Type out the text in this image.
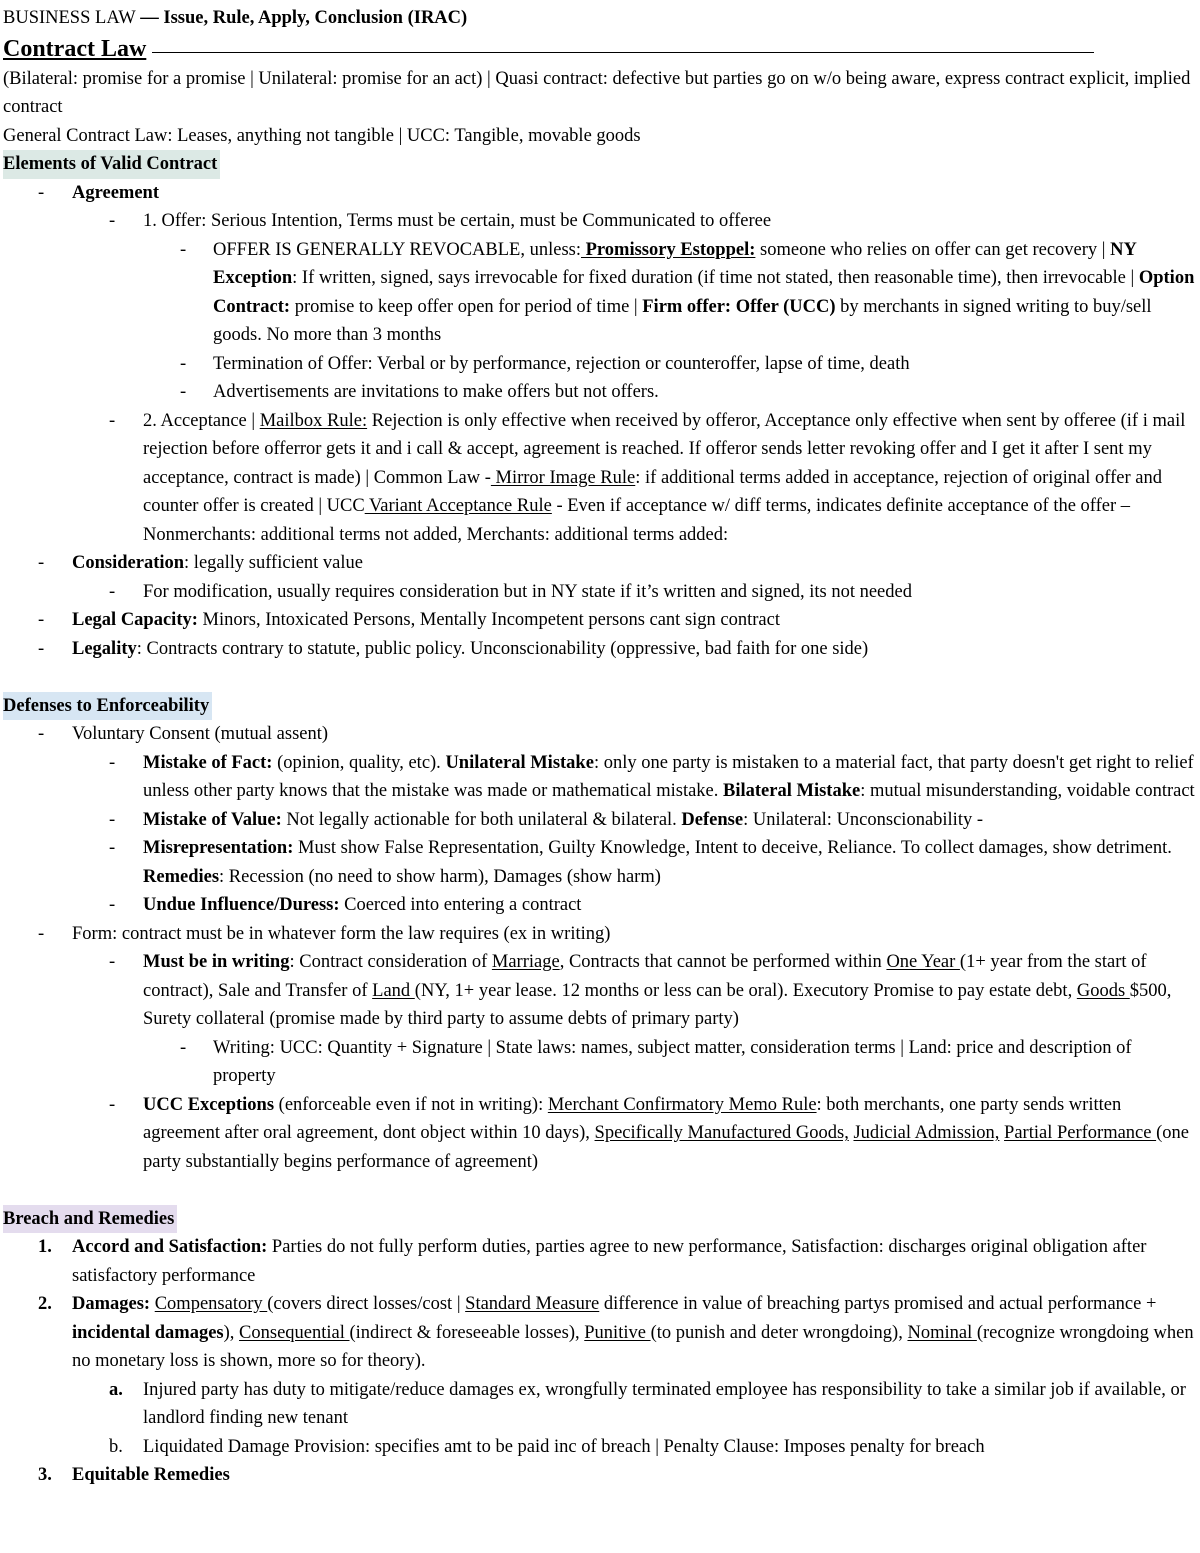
BUSINESS LAW — Issue, Rule, Apply, Conclusion (IRAC)
Contract Law
(Bilateral: promise for a promise | Unilateral: promise for an act) | Quasi contract: defective but parties go on w/o being aware, express contract explicit, implied contract
General Contract Law: Leases, anything not tangible | UCC: Tangible, movable goods
Elements of Valid Contract
- Agreement
- 1. Offer: Serious Intention, Terms must be certain, must be Communicated to offeree
- OFFER IS GENERALLY REVOCABLE, unless: Promissory Estoppel: someone who relies on offer can get recovery | NY Exception: If written, signed, says irrevocable for fixed duration (if time not stated, then reasonable time), then irrevocable | Option Contract: promise to keep offer open for period of time | Firm offer: Offer (UCC) by merchants in signed writing to buy/sell goods. No more than 3 months
- Termination of Offer: Verbal or by performance, rejection or counteroffer, lapse of time, death
- Advertisements are invitations to make offers but not offers.
- 2. Acceptance | Mailbox Rule: Rejection is only effective when received by offeror, Acceptance only effective when sent by offeree (if i mail rejection before offerror gets it and i call & accept, agreement is reached. If offeror sends letter revoking offer and I get it after I sent my acceptance, contract is made) | Common Law - Mirror Image Rule: if additional terms added in acceptance, rejection of original offer and counter offer is created | UCC Variant Acceptance Rule - Even if acceptance w/ diff terms, indicates definite acceptance of the offer – Nonmerchants: additional terms not added, Merchants: additional terms added:
- Consideration: legally sufficient value
- For modification, usually requires consideration but in NY state if it’s written and signed, its not needed
- Legal Capacity: Minors, Intoxicated Persons, Mentally Incompetent persons cant sign contract
- Legality: Contracts contrary to statute, public policy. Unconscionability (oppressive, bad faith for one side)
Defenses to Enforceability
- Voluntary Consent (mutual assent)
- Mistake of Fact: (opinion, quality, etc). Unilateral Mistake: only one party is mistaken to a material fact, that party doesn't get right to relief unless other party knows that the mistake was made or mathematical mistake. Bilateral Mistake: mutual misunderstanding, voidable contract
- Mistake of Value: Not legally actionable for both unilateral & bilateral. Defense: Unilateral: Unconscionability -
- Misrepresentation: Must show False Representation, Guilty Knowledge, Intent to deceive, Reliance. To collect damages, show detriment. Remedies: Recession (no need to show harm), Damages (show harm)
- Undue Influence/Duress: Coerced into entering a contract
- Form: contract must be in whatever form the law requires (ex in writing)
- Must be in writing: Contract consideration of Marriage, Contracts that cannot be performed within One Year (1+ year from the start of contract), Sale and Transfer of Land (NY, 1+ year lease. 12 months or less can be oral). Executory Promise to pay estate debt, Goods $500, Surety collateral (promise made by third party to assume debts of primary party)
- Writing: UCC: Quantity + Signature | State laws: names, subject matter, consideration terms | Land: price and description of property
- UCC Exceptions (enforceable even if not in writing): Merchant Confirmatory Memo Rule: both merchants, one party sends written agreement after oral agreement, dont object within 10 days), Specifically Manufactured Goods, Judicial Admission, Partial Performance (one party substantially begins performance of agreement)
Breach and Remedies
1. Accord and Satisfaction: Parties do not fully perform duties, parties agree to new performance, Satisfaction: discharges original obligation after satisfactory performance
2. Damages: Compensatory (covers direct losses/cost | Standard Measure difference in value of breaching partys promised and actual performance + incidental damages), Consequential (indirect & foreseeable losses), Punitive (to punish and deter wrongdoing), Nominal (recognize wrongdoing when no monetary loss is shown, more so for theory).
a. Injured party has duty to mitigate/reduce damages ex, wrongfully terminated employee has responsibility to take a similar job if available, or landlord finding new tenant
b. Liquidated Damage Provision: specifies amt to be paid inc of breach | Penalty Clause: Imposes penalty for breach
3. Equitable Remedies
